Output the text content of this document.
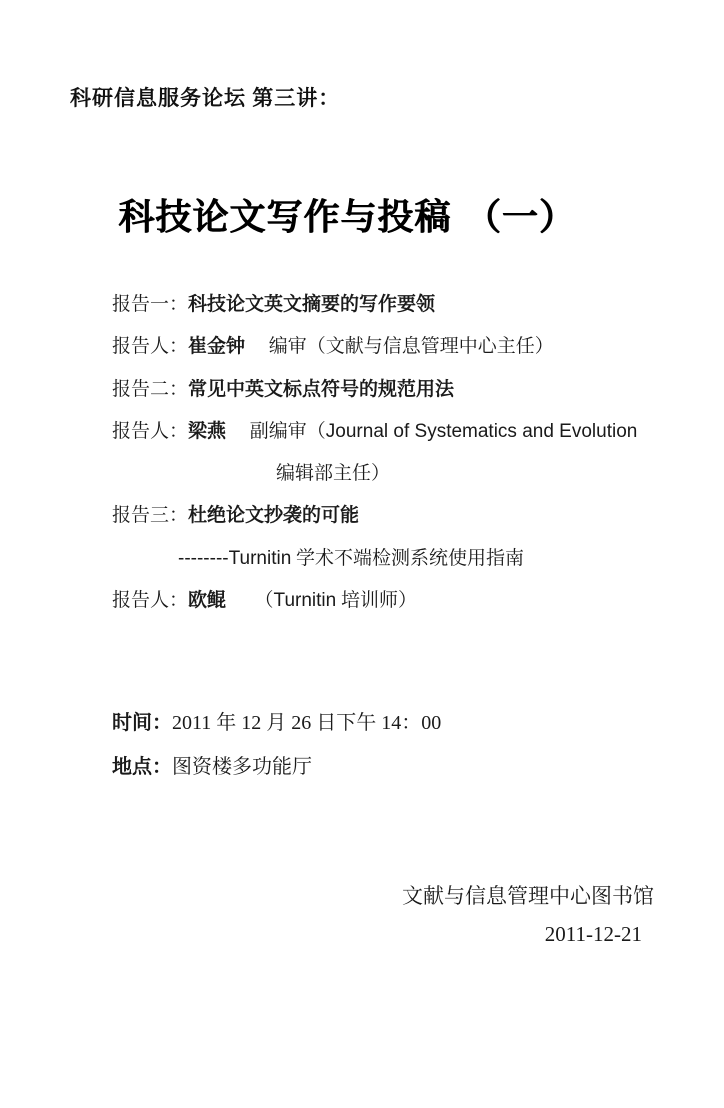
科研信息服务论坛 第三讲：
科技论文写作与投稿 （一）

报告一：科技论文英文摘要的写作要领

报告人：崔金钟　 编审（文献与信息管理中心主任）

报告二：常见中英文标点符号的规范用法

报告人：梁燕　 副编审（Journal of Systematics and Evolution

编辑部主任）

报告三：杜绝论文抄袭的可能

--------Turnitin 学术不端检测系统使用指南

报告人：欧鲲　　（Turnitin 培训师）

时间：2011 年 12 月 26 日下午 14：00

地点：图资楼多功能厅

文献与信息管理中心图书馆
2011-12-21
